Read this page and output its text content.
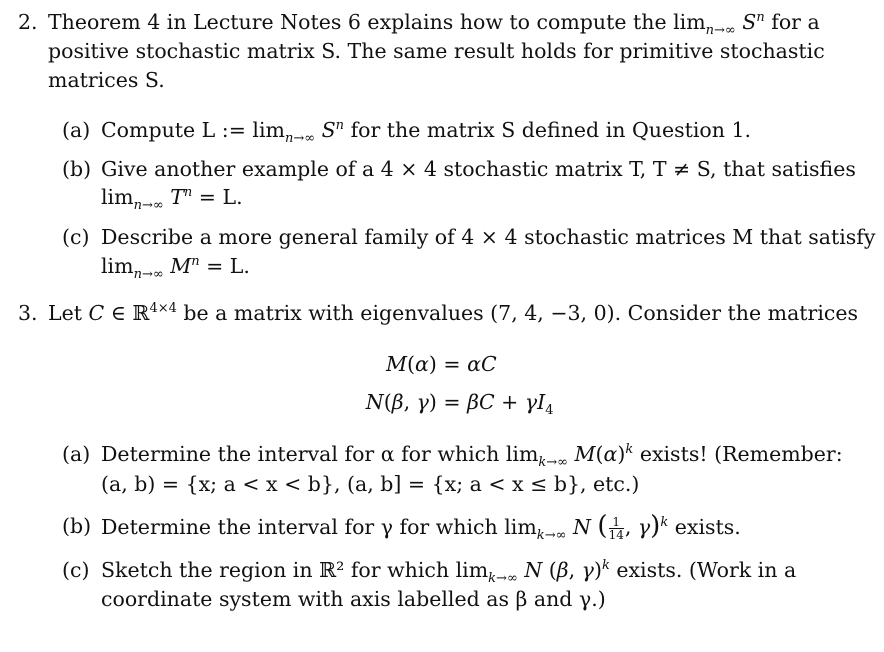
2. Theorem 4 in Lecture Notes 6 explains how to compute the $\lim_{n\to\infty} S^n$ for a
positive stochastic matrix S. The same result holds for primitive stochastic
matrices S.
(a) Compute L := $\lim_{n\to\infty} S^n$ for the matrix S defined in Question 1.
(b) Give another example of a 4 × 4 stochastic matrix T, T ≠ S, that satisfies
$\lim_{n\to\infty} T^n = L$.
(c) Describe a more general family of 4 × 4 stochastic matrices M that satisfy
$\lim_{n\to\infty} M^n = L$.
3. Let C ∈ ℝ$^{4\times 4}$ be a matrix with eigenvalues (7, 4, −3, 0). Consider the matrices
M(α) = αC
N(β, $\gamma) = \beta C + \gamma I_4$
(a) Determine the interval for α for which $\lim_{k\to\infty} M(\alpha)^k$ exists! (Remember:
(a, b) = {x; a < x < b}, (a, b] = {x; a < x ≤ b}, etc.)
(b) Determine the interval for γ for which $\lim_{k\to\infty} N$ ( $\frac{1}{14}$ , γ)$^k$ exists.
(c) Sketch the region in ℝ² for which $\lim_{k\to\infty} N$ (β, γ)$^k$ exists. (Work in a
coordinate system with axis labelled as β and γ.)
